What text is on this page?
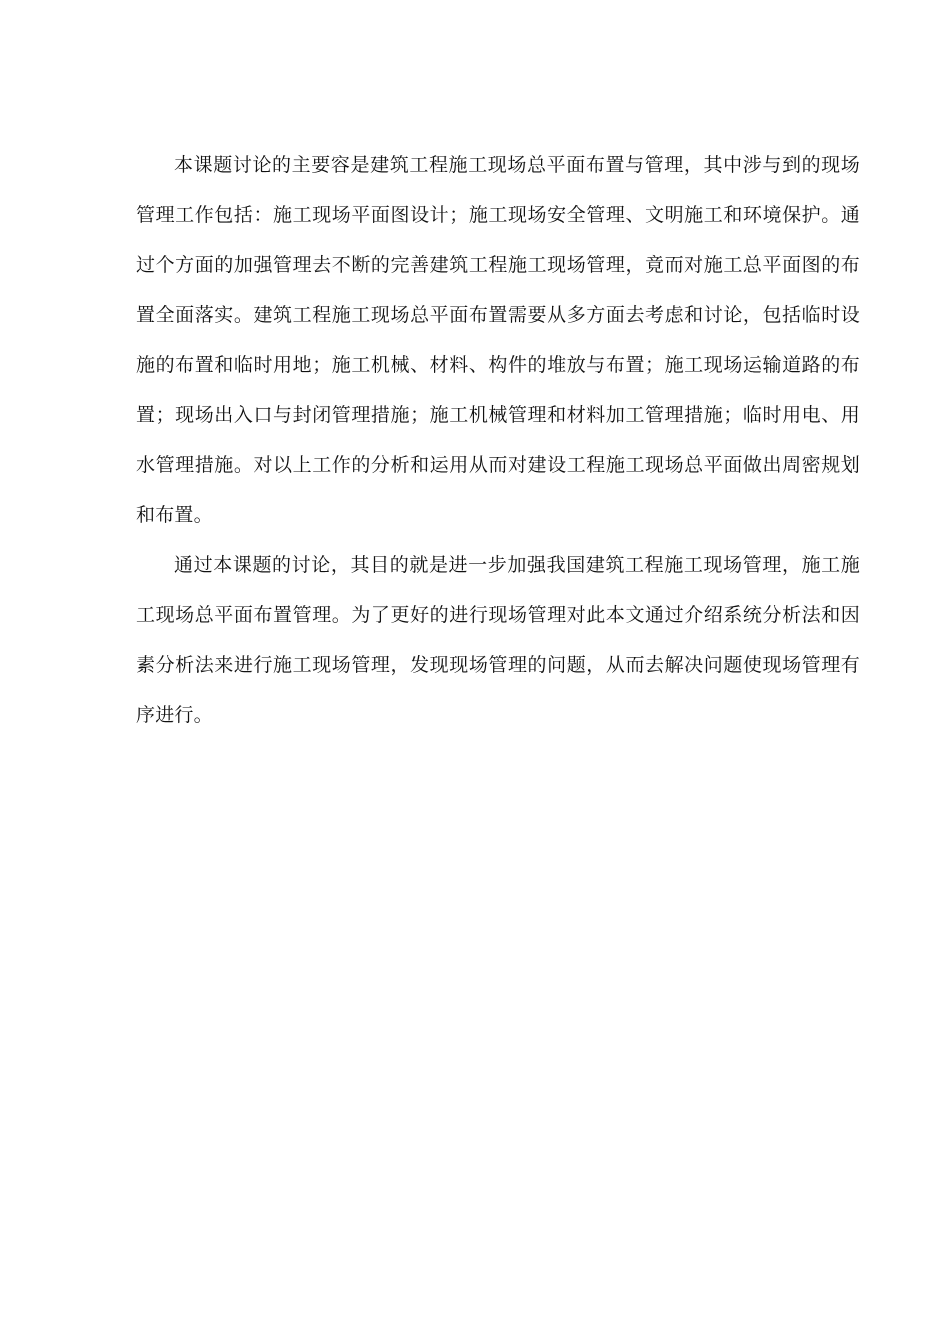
本课题讨论的主要容是建筑工程施工现场总平面布置与管理，其中涉与到的现场管理工作包括：施工现场平面图设计；施工现场安全管理、文明施工和环境保护。通过个方面的加强管理去不断的完善建筑工程施工现场管理，竟而对施工总平面图的布置全面落实。建筑工程施工现场总平面布置需要从多方面去考虑和讨论，包括临时设施的布置和临时用地；施工机械、材料、构件的堆放与布置；施工现场运输道路的布置；现场出入口与封闭管理措施；施工机械管理和材料加工管理措施；临时用电、用水管理措施。对以上工作的分析和运用从而对建设工程施工现场总平面做出周密规划和布置。

通过本课题的讨论，其目的就是进一步加强我国建筑工程施工现场管理，施工施工现场总平面布置管理。为了更好的进行现场管理对此本文通过介绍系统分析法和因素分析法来进行施工现场管理，发现现场管理的问题，从而去解决问题使现场管理有序进行。
